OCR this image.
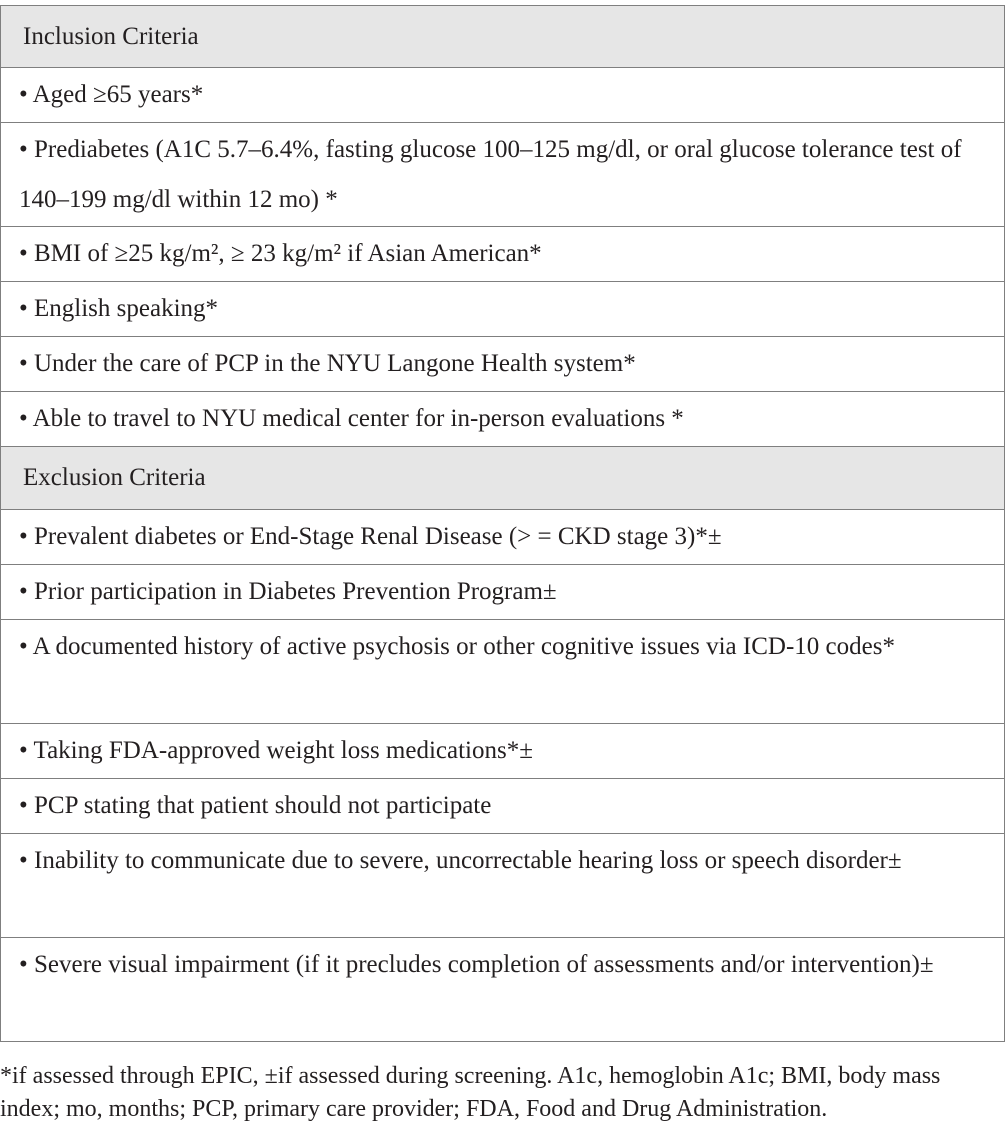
Inclusion Criteria
• Aged ≥65 years*
• Prediabetes (A1C 5.7–6.4%, fasting glucose 100–125 mg/dl, or oral glucose tolerance test of 140–199 mg/dl within 12 mo) *
• BMI of ≥25 kg/m², ≥ 23 kg/m² if Asian American*
• English speaking*
• Under the care of PCP in the NYU Langone Health system*
• Able to travel to NYU medical center for in-person evaluations *
Exclusion Criteria
• Prevalent diabetes or End-Stage Renal Disease (> = CKD stage 3)*±
• Prior participation in Diabetes Prevention Program±
• A documented history of active psychosis or other cognitive issues via ICD-10 codes*
• Taking FDA-approved weight loss medications*±
• PCP stating that patient should not participate
• Inability to communicate due to severe, uncorrectable hearing loss or speech disorder±
• Severe visual impairment (if it precludes completion of assessments and/or intervention)±
*if assessed through EPIC, ±if assessed during screening. A1c, hemoglobin A1c; BMI, body mass index; mo, months; PCP, primary care provider; FDA, Food and Drug Administration.
